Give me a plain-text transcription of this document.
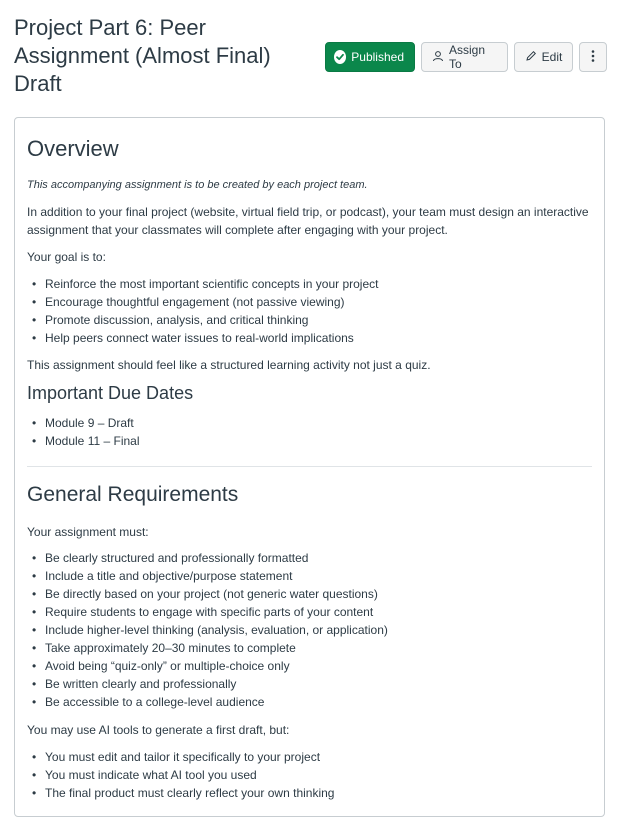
Project Part 6: Peer Assignment (Almost Final) Draft
Published	Assign To	Edit
Overview

This accompanying assignment is to be created by each project team.

In addition to your final project (website, virtual field trip, or podcast), your team must design an interactive assignment that your classmates will complete after engaging with your project.

Your goal is to:

• Reinforce the most important scientific concepts in your project
• Encourage thoughtful engagement (not passive viewing)
• Promote discussion, analysis, and critical thinking
• Help peers connect water issues to real-world implications

This assignment should feel like a structured learning activity not just a quiz.

Important Due Dates
• Module 9 – Draft
• Module 11 – Final
General Requirements

Your assignment must:

• Be clearly structured and professionally formatted
• Include a title and objective/purpose statement
• Be directly based on your project (not generic water questions)
• Require students to engage with specific parts of your content
• Include higher-level thinking (analysis, evaluation, or application)
• Take approximately 20–30 minutes to complete
• Avoid being “quiz-only” or multiple-choice only
• Be written clearly and professionally
• Be accessible to a college-level audience

You may use AI tools to generate a first draft, but:

• You must edit and tailor it specifically to your project
• You must indicate what AI tool you used
• The final product must clearly reflect your own thinking
